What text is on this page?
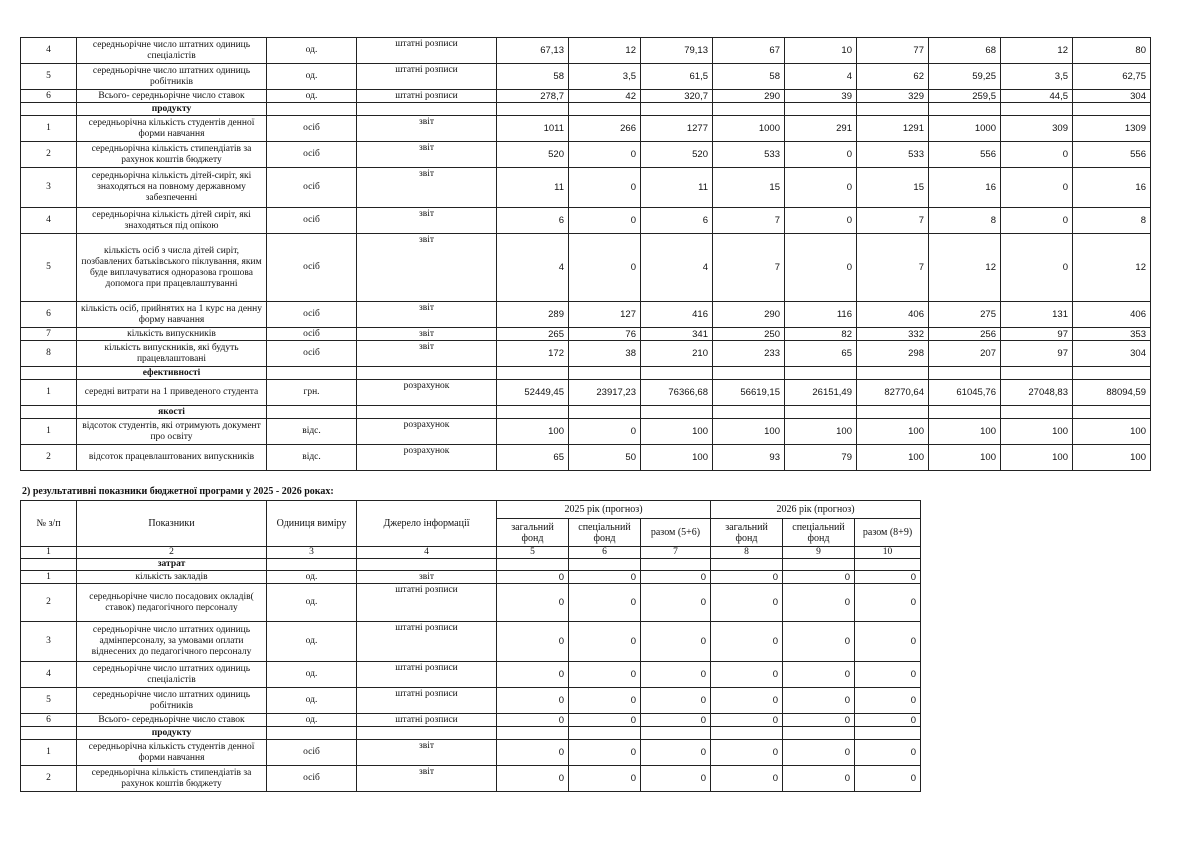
4	середньорічне число штатних одиниць спеціалістів	од.	штатні розписи	67,13	12	79,13	67	10	77	68	12	80
5	середньорічне число штатних одиниць робітників	од.	штатні розписи	58	3,5	61,5	58	4	62	59,25	3,5	62,75
6	Всього- середньорічне число ставок	од.	штатні розписи	278,7	42	320,7	290	39	329	259,5	44,5	304
	продукту											
1	середньорічна кількість студентів денної форми навчання	осіб	звіт	1011	266	1277	1000	291	1291	1000	309	1309
2	середньорічна кількість стипендіатів за рахунок коштів бюджету	осіб	звіт	520	0	520	533	0	533	556	0	556
3	середньорічна кількість дітей-сиріт, які знаходяться на повному державному забезпеченні	осіб	звіт	11	0	11	15	0	15	16	0	16
4	середньорічна кількість дітей сиріт, які знаходяться під опікою	осіб	звіт	6	0	6	7	0	7	8	0	8
5	кількість осіб з числа дітей сиріт, позбавлених батьківського піклування, яким буде виплачуватися одноразова грошова допомога при працевлаштуванні	осіб	звіт	4	0	4	7	0	7	12	0	12
6	кількість осіб, прийнятих на 1 курс на денну форму навчання	осіб	звіт	289	127	416	290	116	406	275	131	406
7	кількість випускників	осіб	звіт	265	76	341	250	82	332	256	97	353
8	кількість випускників, які будуть працевлаштовані	осіб	звіт	172	38	210	233	65	298	207	97	304
	ефективності											
1	середні витрати на 1 приведеного студента	грн.	розрахунок	52449,45	23917,23	76366,68	56619,15	26151,49	82770,64	61045,76	27048,83	88094,59
	якості											
1	відсоток студентів, які отримують документ про освіту	відс.	розрахунок	100	0	100	100	100	100	100	100	100
2	відсоток працевлаштованих випускників	відс.	розрахунок	65	50	100	93	79	100	100	100	100
2) результативні показники бюджетної програми у 2025 - 2026 роках:
№ з/п	Показники	Одиниця виміру	Джерело інформації	2025 рік (прогноз)			2026 рік (прогноз)		
				загальний фонд	спеціальний фонд	разом (5+6)	загальний фонд	спеціальний фонд	разом (8+9)
1	2	3	4	5	6	7	8	9	10
	затрат								
1	кількість закладів	од.	звіт	0	0	0	0	0	0
2	середньорічне число посадових окладів( ставок) педагогічного персоналу	од.	штатні розписи	0	0	0	0	0	0
3	середньорічне число штатних одиниць адмінперсоналу, за умовами оплати віднесених до педагогічного персоналу	од.	штатні розписи	0	0	0	0	0	0
4	середньорічне число штатних одиниць спеціалістів	од.	штатні розписи	0	0	0	0	0	0
5	середньорічне число штатних одиниць робітників	од.	штатні розписи	0	0	0	0	0	0
6	Всього- середньорічне число ставок	од.	штатні розписи	0	0	0	0	0	0
	продукту								
1	середньорічна кількість студентів денної форми навчання	осіб	звіт	0	0	0	0	0	0
2	середньорічна кількість стипендіатів за рахунок коштів бюджету	осіб	звіт	0	0	0	0	0	0
